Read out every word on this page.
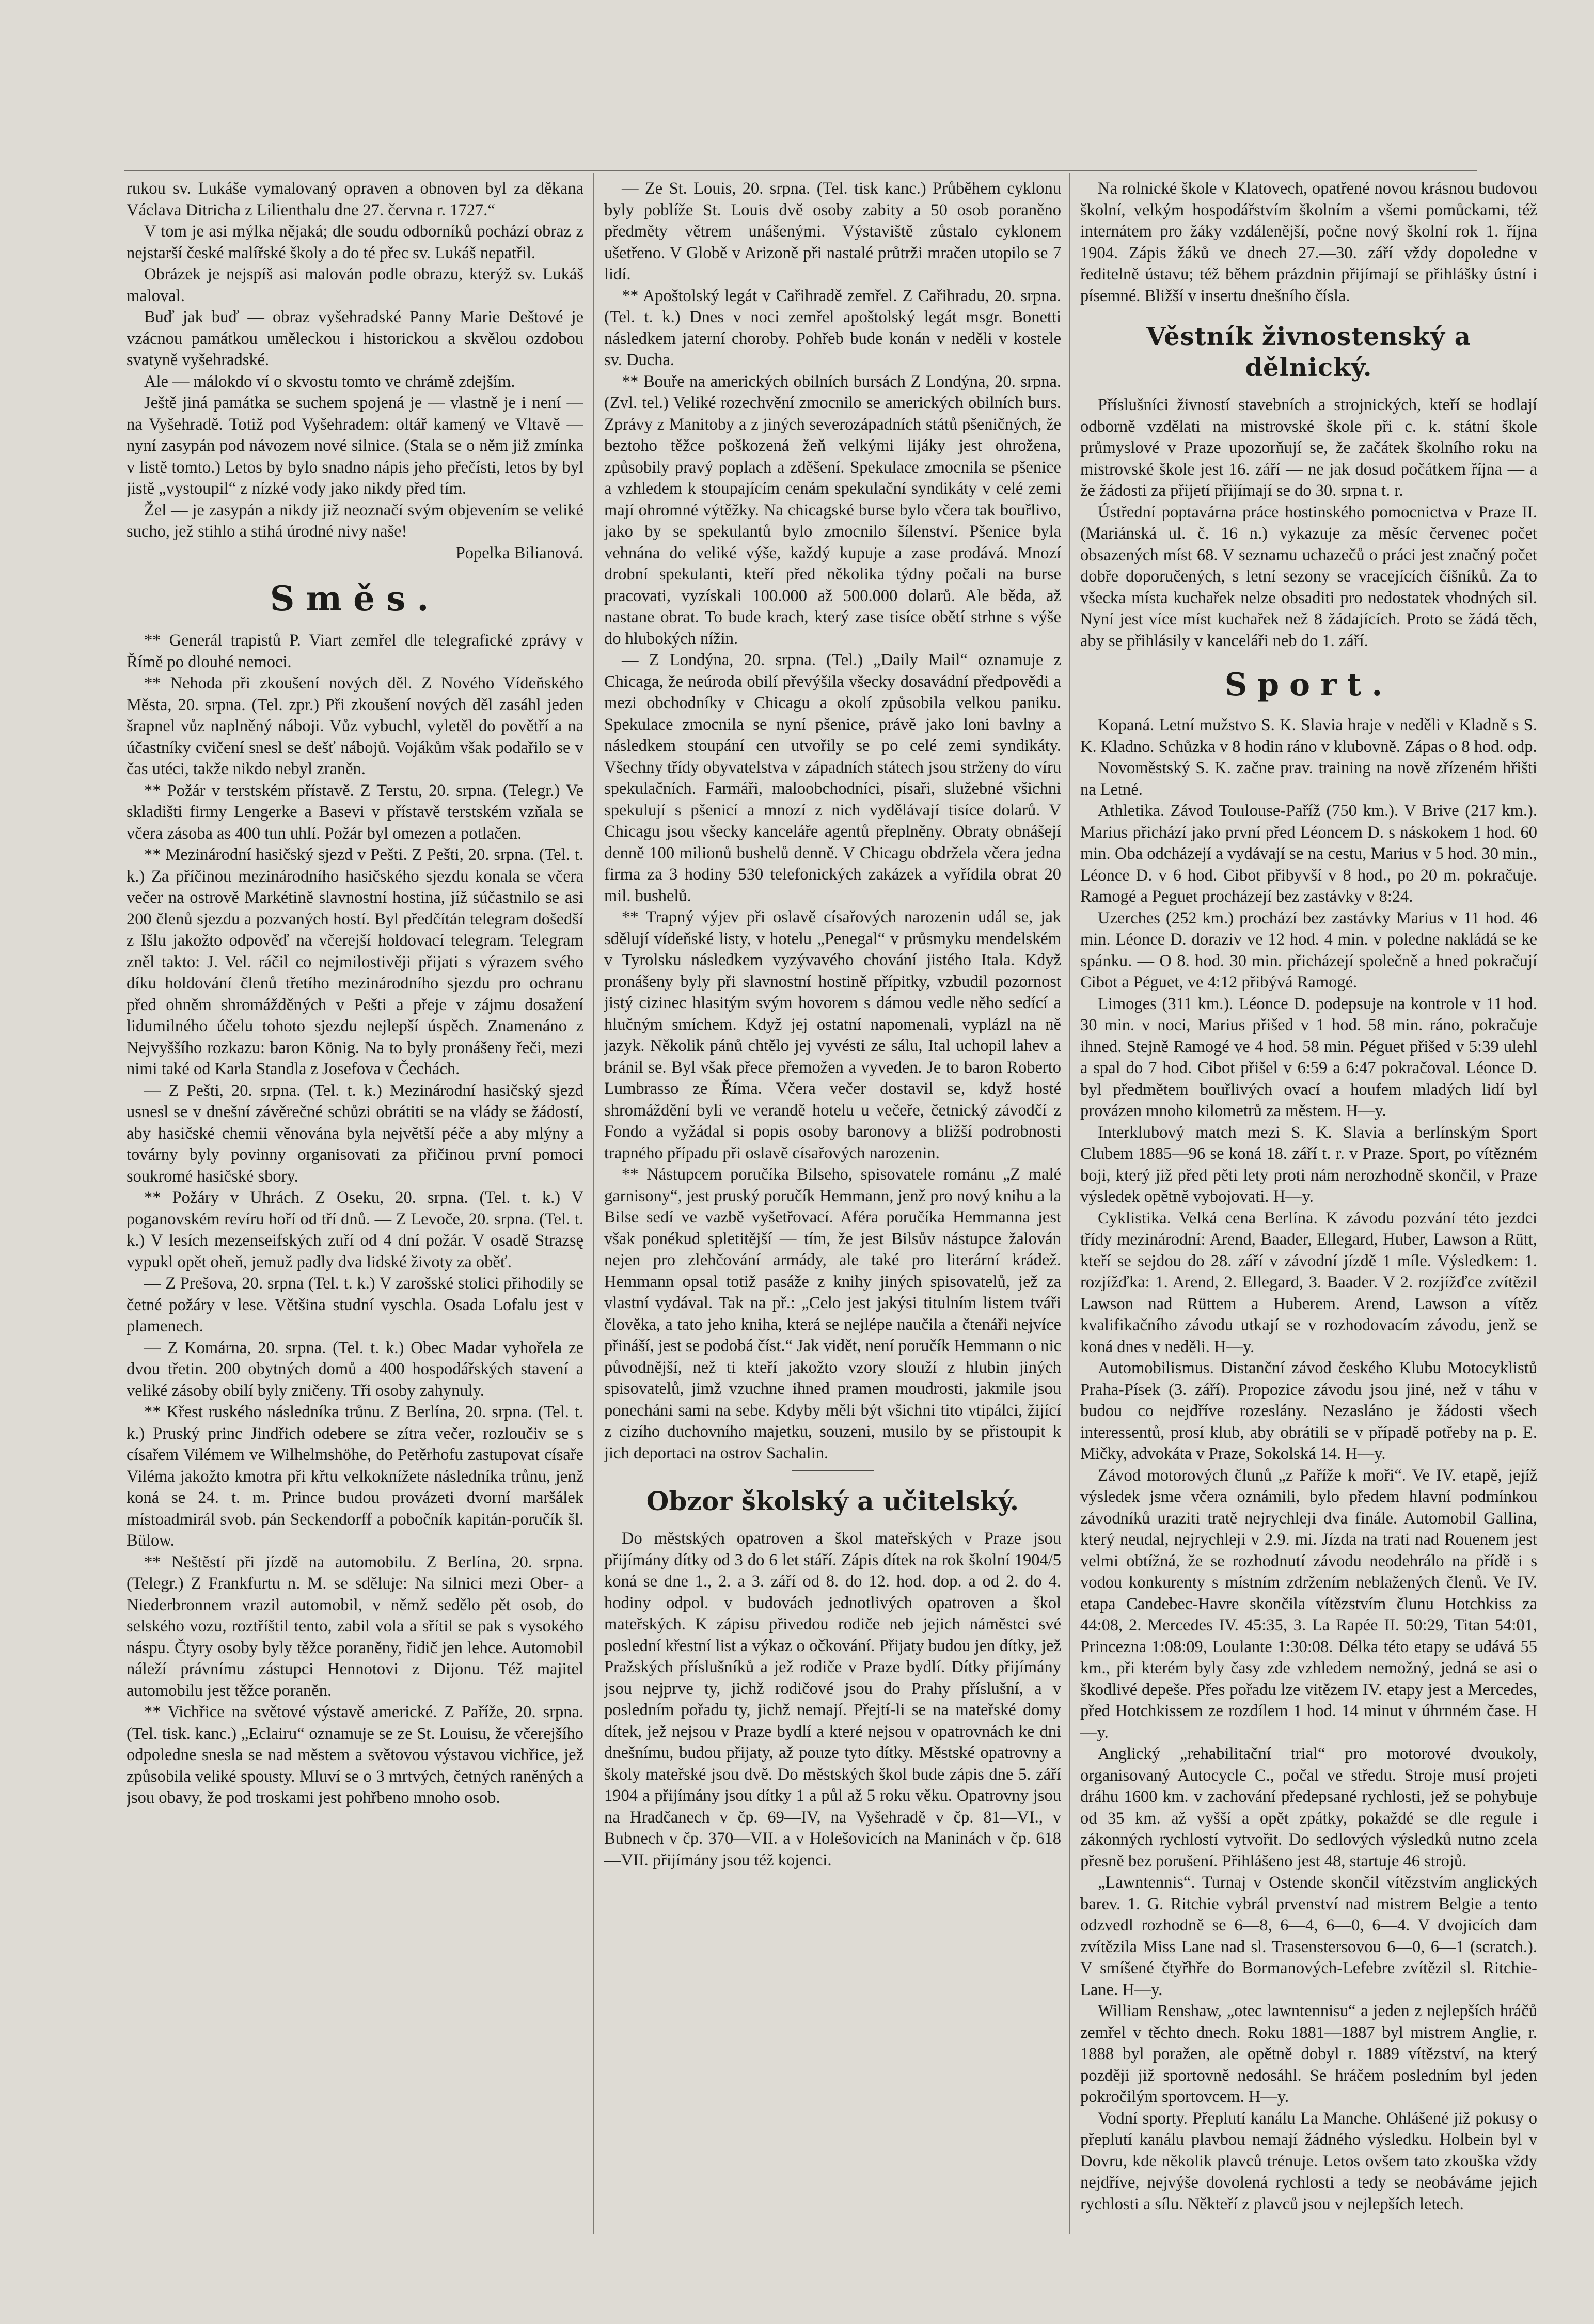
rukou sv. Lukáše vymalovaný opraven a obnoven byl za děkana Václava Ditricha z Lilienthalu dne 27. června r. 1727.“

V tom je asi mýlka nějaká; dle soudu odborníků pochází obraz z nejstarší české malířské školy a do té přec sv. Lukáš nepatřil.

Obrázek je nejspíš asi malován podle obrazu, kterýž sv. Lukáš maloval.

Buď jak buď — obraz vyšehradské Panny Marie Deštové je vzácnou památkou uměleckou i historickou a skvělou ozdobou svatyně vyšehradské.

Ale — málokdo ví o skvostu tomto ve chrámě zdejším.

Ještě jiná památka se suchem spojená je — vlastně je i není — na Vyšehradě. Totiž pod Vyšehradem: oltář kamený ve Vltavě — nyní zasypán pod návozem nové silnice. (Stala se o něm již zmínka v listě tomto.) Letos by bylo snadno nápis jeho přečísti, letos by byl jistě „vystoupil“ z nízké vody jako nikdy před tím.

Žel — je zasypán a nikdy již neoznačí svým objevením se veliké sucho, jež stihlo a stihá úrodné nivy naše!

Popelka Bilianová.

Směs.

** Generál trapistů P. Viart zemřel dle telegrafické zprávy v Římě po dlouhé nemoci.

** Nehoda při zkoušení nových děl. Z Nového Vídeňského Města, 20. srpna. (Tel. zpr.) Při zkoušení nových děl zasáhl jeden šrapnel vůz naplněný náboji. Vůz vybuchl, vyletěl do povětří a na účastníky cvičení snesl se dešť nábojů. Vojákům však podařilo se v čas utéci, takže nikdo nebyl zraněn.

** Požár v terstském přístavě. Z Terstu, 20. srpna. (Telegr.) Ve skladišti firmy Lengerke a Basevi v přístavě terstském vzňala se včera zásoba as 400 tun uhlí. Požár byl omezen a potlačen.

** Mezinárodní hasičský sjezd v Pešti. Z Pešti, 20. srpna. (Tel. t. k.) Za příčinou mezinárodního hasičského sjezdu konala se včera večer na ostrově Markétině slavnostní hostina, jíž súčastnilo se asi 200 členů sjezdu a pozvaných hostí. Byl předčítán telegram došedší z Išlu jakožto odpověď na včerejší holdovací telegram. Telegram zněl takto: J. Vel. ráčil co nejmilostivěji přijati s výrazem svého díku holdování členů třetího mezinárodního sjezdu pro ochranu před ohněm shromážděných v Pešti a přeje v zájmu dosažení lidumilného účelu tohoto sjezdu nejlepší úspěch. Znamenáno z Nejvyššího rozkazu: baron König. Na to byly pronášeny řeči, mezi nimi také od Karla Standla z Josefova v Čechách.

— Z Pešti, 20. srpna. (Tel. t. k.) Mezinárodní hasičský sjezd usnesl se v dnešní závěrečné schůzi obrátiti se na vlády se žádostí, aby hasičské chemii věnována byla největší péče a aby mlýny a továrny byly povinny organisovati za přičinou první pomoci soukromé hasičské sbory.

** Požáry v Uhrách. Z Oseku, 20. srpna. (Tel. t. k.) V poganovském revíru hoří od tří dnů. — Z Levoče, 20. srpna. (Tel. t. k.) V lesích mezenseifských zuří od 4 dní požár. V osadě Strazsę vypukl opět oheň, jemuž padly dva lidské životy za oběť.

— Z Prešova, 20. srpna (Tel. t. k.) V zarošské stolici přihodily se četné požáry v lese. Většina studní vyschla. Osada Lofalu jest v plamenech.

— Z Komárna, 20. srpna. (Tel. t. k.) Obec Madar vyhořela ze dvou třetin. 200 obytných domů a 400 hospodářských stavení a veliké zásoby obilí byly zničeny. Tři osoby zahynuly.

** Křest ruského následníka trůnu. Z Berlína, 20. srpna. (Tel. t. k.) Pruský princ Jindřich odebere se zítra večer, rozloučiv se s císařem Vilémem ve Wilhelmshöhe, do Petěrhofu zastupovat císaře Viléma jakožto kmotra při křtu velkoknížete následníka trůnu, jenž koná se 24. t. m. Prince budou provázeti dvorní maršálek místoadmirál svob. pán Seckendorff a pobočník kapitán-poručík šl. Bülow.

** Neštěstí při jízdě na automobilu. Z Berlína, 20. srpna. (Telegr.) Z Frankfurtu n. M. se sděluje: Na silnici mezi Ober- a Niederbronnem vrazil automobil, v němž sedělo pět osob, do selského vozu, roztříštil tento, zabil vola a sřítil se pak s vysokého náspu. Čtyry osoby byly těžce poraněny, řidič jen lehce. Automobil náleží právnímu zástupci Hennotovi z Dijonu. Též majitel automobilu jest těžce poraněn.

** Vichřice na světové výstavě americké. Z Paříže, 20. srpna. (Tel. tisk. kanc.) „Eclairu“ oznamuje se ze St. Louisu, že včerejšího odpoledne snesla se nad městem a světovou výstavou vichřice, jež způsobila veliké spousty. Mluví se o 3 mrtvých, četných raněných a jsou obavy, že pod troskami jest pohřbeno mnoho osob.

— Ze St. Louis, 20. srpna. (Tel. tisk kanc.) Průběhem cyklonu byly poblíže St. Louis dvě osoby zabity a 50 osob poraněno předměty větrem unášenými. Výstaviště zůstalo cyklonem ušetřeno. V Globě v Arizoně při nastalé průtrži mračen utopilo se 7 lidí.

** Apoštolský legát v Cařihradě zemřel. Z Cařihradu, 20. srpna. (Tel. t. k.) Dnes v noci zemřel apoštolský legát msgr. Bonetti následkem jaterní choroby. Pohřeb bude konán v neděli v kostele sv. Ducha.

** Bouře na amerických obilních bursách Z Londýna, 20. srpna. (Zvl. tel.) Veliké rozechvění zmocnilo se amerických obilních burs. Zprávy z Manitoby a z jiných severozápadních států pšeničných, že beztoho těžce poškozená žeň velkými lijáky jest ohrožena, způsobily pravý poplach a zděšení. Spekulace zmocnila se pšenice a vzhledem k stoupajícím cenám spekulační syndikáty v celé zemi mají ohromné výtěžky. Na chicagské burse bylo včera tak bouřlivo, jako by se spekulantů bylo zmocnilo šílenství. Pšenice byla vehnána do veliké výše, každý kupuje a zase prodává. Mnozí drobní spekulanti, kteří před několika týdny počali na burse pracovati, vyzískali 100.000 až 500.000 dolarů. Ale běda, až nastane obrat. To bude krach, který zase tisíce obětí strhne s výše do hlubokých nížin.

— Z Londýna, 20. srpna. (Tel.) „Daily Mail“ oznamuje z Chicaga, že neúroda obilí převýšila všecky dosavádní předpovědi a mezi obchodníky v Chicagu a okolí způsobila velkou paniku. Spekulace zmocnila se nyní pšenice, právě jako loni bavlny a následkem stoupání cen utvořily se po celé zemi syndikáty. Všechny třídy obyvatelstva v západních státech jsou strženy do víru spekulačních. Farmáři, maloobchodníci, písaři, služebné všichni spekulují s pšenicí a mnozí z nich vydělávají tisíce dolarů. V Chicagu jsou všecky kanceláře agentů přeplněny. Obraty obnášejí denně 100 milionů bushelů denně. V Chicagu obdržela včera jedna firma za 3 hodiny 530 telefonických zakázek a vyřídila obrat 20 mil. bushelů.

** Trapný výjev při oslavě císařových narozenin udál se, jak sdělují vídeňské listy, v hotelu „Penegal“ v průsmyku mendelském v Tyrolsku následkem vyzývavého chování jistého Itala. Když pronášeny byly při slavnostní hostině přípitky, vzbudil pozornost jistý cizinec hlasitým svým hovorem s dámou vedle něho sedící a hlučným smíchem. Když jej ostatní napomenali, vyplázl na ně jazyk. Několik pánů chtělo jej vyvésti ze sálu, Ital uchopil lahev a bránil se. Byl však přece přemožen a vyveden. Je to baron Roberto Lumbrasso ze Říma. Včera večer dostavil se, když hosté shromáždění byli ve verandě hotelu u večeře, četnický závodčí z Fondo a vyžádal si popis osoby baronovy a bližší podrobnosti trapného případu při oslavě císařových narozenin.

** Nástupcem poručíka Bilseho, spisovatele románu „Z malé garnisony“, jest pruský poručík Hemmann, jenž pro nový knihu a la Bilse sedí ve vazbě vyšetřovací. Aféra poručíka Hemmanna jest však ponékud spletitější — tím, že jest Bilsův nástupce žalován nejen pro zlehčování armády, ale také pro literární krádež. Hemmann opsal totiž pasáže z knihy jiných spisovatelů, jež za vlastní vydával. Tak na př.: „Celo jest jakýsi titulním listem tváři člověka, a tato jeho kniha, která se nejlépe naučila a čtenáři nejvíce přináší, jest se podobá číst.“ Jak vidět, není poručík Hemmann o nic původnější, než ti kteří jakožto vzory slouží z hlubin jiných spisovatelů, jimž vzuchne ihned pramen moudrosti, jakmile jsou ponecháni sami na sebe. Kdyby měli být všichni tito vtipálci, žijící z cizího duchovního majetku, souzeni, musilo by se přistoupit k jich deportaci na ostrov Sachalin.

Obzor školský a učitelský.

Do městských opatroven a škol mateřských v Praze jsou přijímány dítky od 3 do 6 let stáří. Zápis dítek na rok školní 1904/5 koná se dne 1., 2. a 3. září od 8. do 12. hod. dop. a od 2. do 4. hodiny odpol. v budovách jednotlivých opatroven a škol mateřských. K zápisu přivedou rodiče neb jejich náměstci své poslední křestní list a výkaz o očkování. Přijaty budou jen dítky, jež Pražských příslušníků a jež rodiče v Praze bydlí. Dítky přijímány jsou nejprve ty, jichž rodičové jsou do Prahy příslušní, a v posledním pořadu ty, jichž nemají. Přejtí-li se na mateřské domy dítek, jež nejsou v Praze bydlí a které nejsou v opatrovnách ke dni dnešnímu, budou přijaty, až pouze tyto dítky. Městské opatrovny a školy mateřské jsou dvě. Do městských škol bude zápis dne 5. září 1904 a přijímány jsou dítky 1 a půl až 5 roku věku. Opatrovny jsou na Hradčanech v čp. 69—IV, na Vyšehradě v čp. 81—VI., v Bubnech v čp. 370—VII. a v Holešovicích na Maninách v čp. 618—VII. přijímány jsou též kojenci.

Na rolnické škole v Klatovech, opatřené novou krásnou budovou školní, velkým hospodářstvím školním a všemi pomůckami, též internátem pro žáky vzdálenější, počne nový školní rok 1. října 1904. Zápis žáků ve dnech 27.—30. září vždy dopoledne v ředitelně ústavu; též během prázdnin přijímají se přihlášky ústní i písemné. Bližší v insertu dnešního čísla.

Věstník živnostenský a dělnický.

Příslušníci živností stavebních a strojnických, kteří se hodlají odborně vzdělati na mistrovské škole při c. k. státní škole průmyslové v Praze upozorňují se, že začátek školního roku na mistrovské škole jest 16. září — ne jak dosud počátkem října — a že žádosti za přijetí přijímají se do 30. srpna t. r.

Ústřední poptavárna práce hostinského pomocnictva v Praze II. (Mariánská ul. č. 16 n.) vykazuje za měsíc červenec počet obsazených míst 68. V seznamu uchazečů o práci jest značný počet dobře doporučených, s letní sezony se vracejících číšníků. Za to všecka místa kuchařek nelze obsaditi pro nedostatek vhodných sil. Nyní jest více míst kuchařek než 8 žádajících. Proto se žádá těch, aby se přihlásily v kanceláři neb do 1. září.

Sport.

Kopaná. Letní mužstvo S. K. Slavia hraje v neděli v Kladně s S. K. Kladno. Schůzka v 8 hodin ráno v klubovně. Zápas o 8 hod. odp.

Novoměstský S. K. začne prav. training na nově zřízeném hřišti na Letné.

Athletika. Závod Toulouse-Paříž (750 km.). V Brive (217 km.). Marius přichází jako první před Léoncem D. s náskokem 1 hod. 60 min. Oba odcházejí a vydávají se na cestu, Marius v 5 hod. 30 min., Léonce D. v 6 hod. Cibot přibyvší v 8 hod., po 20 m. pokračuje. Ramogé a Peguet procházejí bez zastávky v 8:24.

Uzerches (252 km.) prochází bez zastávky Marius v 11 hod. 46 min. Léonce D. doraziv ve 12 hod. 4 min. v poledne nakládá se ke spánku. — O 8. hod. 30 min. přicházejí společně a hned pokračují Cibot a Péguet, ve 4:12 přibývá Ramogé.

Limoges (311 km.). Léonce D. podepsuje na kontrole v 11 hod. 30 min. v noci, Marius přišed v 1 hod. 58 min. ráno, pokračuje ihned. Stejně Ramogé ve 4 hod. 58 min. Péguet přišed v 5:39 ulehl a spal do 7 hod. Cibot přišel v 6:59 a 6:47 pokračoval. Léonce D. byl předmětem bouřlivých ovací a houfem mladých lidí byl provázen mnoho kilometrů za městem. H—y.

Interklubový match mezi S. K. Slavia a berlínským Sport Clubem 1885—96 se koná 18. září t. r. v Praze. Sport, po vítězném boji, který již před pěti lety proti nám nerozhodně skončil, v Praze výsledek opětně vybojovati. H—y.

Cyklistika. Velká cena Berlína. K závodu pozvání této jezdci třídy mezinárodní: Arend, Baader, Ellegard, Huber, Lawson a Rütt, kteří se sejdou do 28. září v závodní jízdě 1 míle. Výsledkem: 1. rozjížďka: 1. Arend, 2. Ellegard, 3. Baader. V 2. rozjížďce zvítězil Lawson nad Rüttem a Huberem. Arend, Lawson a vítěz kvalifikačního závodu utkají se v rozhodovacím závodu, jenž se koná dnes v neděli. H—y.

Automobilismus. Distanční závod českého Klubu Motocyklistů Praha-Písek (3. září). Propozice závodu jsou jiné, než v táhu v budou co nejdříve rozeslány. Nezasláno je žádosti všech interessentů, prosí klub, aby obrátili se v případě potřeby na p. E. Mičky, advokáta v Praze, Sokolská 14. H—y.

Závod motorových člunů „z Paříže k moři“. Ve IV. etapě, jejíž výsledek jsme včera oznámili, bylo předem hlavní podmínkou závodníků uraziti tratě nejrychleji dva finále. Automobil Gallina, který neudal, nejrychleji v 2.9. mi. Jízda na trati nad Rouenem jest velmi obtížná, že se rozhodnutí závodu neodehrálo na přídě i s vodou konkurenty s místním zdržením neblažených členů. Ve IV. etapa Candebec-Havre skončila vítězstvím člunu Hotchkiss za 44:08, 2. Mercedes IV. 45:35, 3. La Rapée II. 50:29, Titan 54:01, Princezna 1:08:09, Loulante 1:30:08. Délka této etapy se udává 55 km., při kterém byly časy zde vzhledem nemožný, jedná se asi o škodlivé depeše. Přes pořadu lze vitězem IV. etapy jest a Mercedes, před Hotchkissem ze rozdílem 1 hod. 14 minut v úhrnném čase. H—y.

Anglický „rehabilitační trial“ pro motorové dvoukoly, organisovaný Autocycle C., počal ve středu. Stroje musí projeti dráhu 1600 km. v zachování předepsané rychlosti, jež se pohybuje od 35 km. až vyšší a opět zpátky, pokaždé se dle regule i zákonných rychlostí vytvořit. Do sedlových výsledků nutno zcela přesně bez porušení. Přihlášeno jest 48, startuje 46 strojů.

„Lawntennis“. Turnaj v Ostende skončil vítězstvím anglických barev. 1. G. Ritchie vybrál prvenství nad mistrem Belgie a tento odzvedl rozhodně se 6—8, 6—4, 6—0, 6—4. V dvojicích dam zvítězila Miss Lane nad sl. Trasenstersovou 6—0, 6—1 (scratch.). V smíšené čtyřhře do Bormanových-Lefebre zvítězil sl. Ritchie-Lane. H—y.

William Renshaw, „otec lawntennisu“ a jeden z nejlepších hráčů zemřel v těchto dnech. Roku 1881—1887 byl mistrem Anglie, r. 1888 byl poražen, ale opětně dobyl r. 1889 vítězství, na který později již sportovně nedosáhl. Se hráčem posledním byl jeden pokročilým sportovcem. H—y.

Vodní sporty. Přeplutí kanálu La Manche. Ohlášené již pokusy o přeplutí kanálu plavbou nemají žádného výsledku. Holbein byl v Dovru, kde několik plavců trénuje. Letos ovšem tato zkouška vždy nejdříve, nejvýše dovolená rychlosti a tedy se neobáváme jejich rychlosti a sílu. Někteří z plavců jsou v nejlepších letech.
